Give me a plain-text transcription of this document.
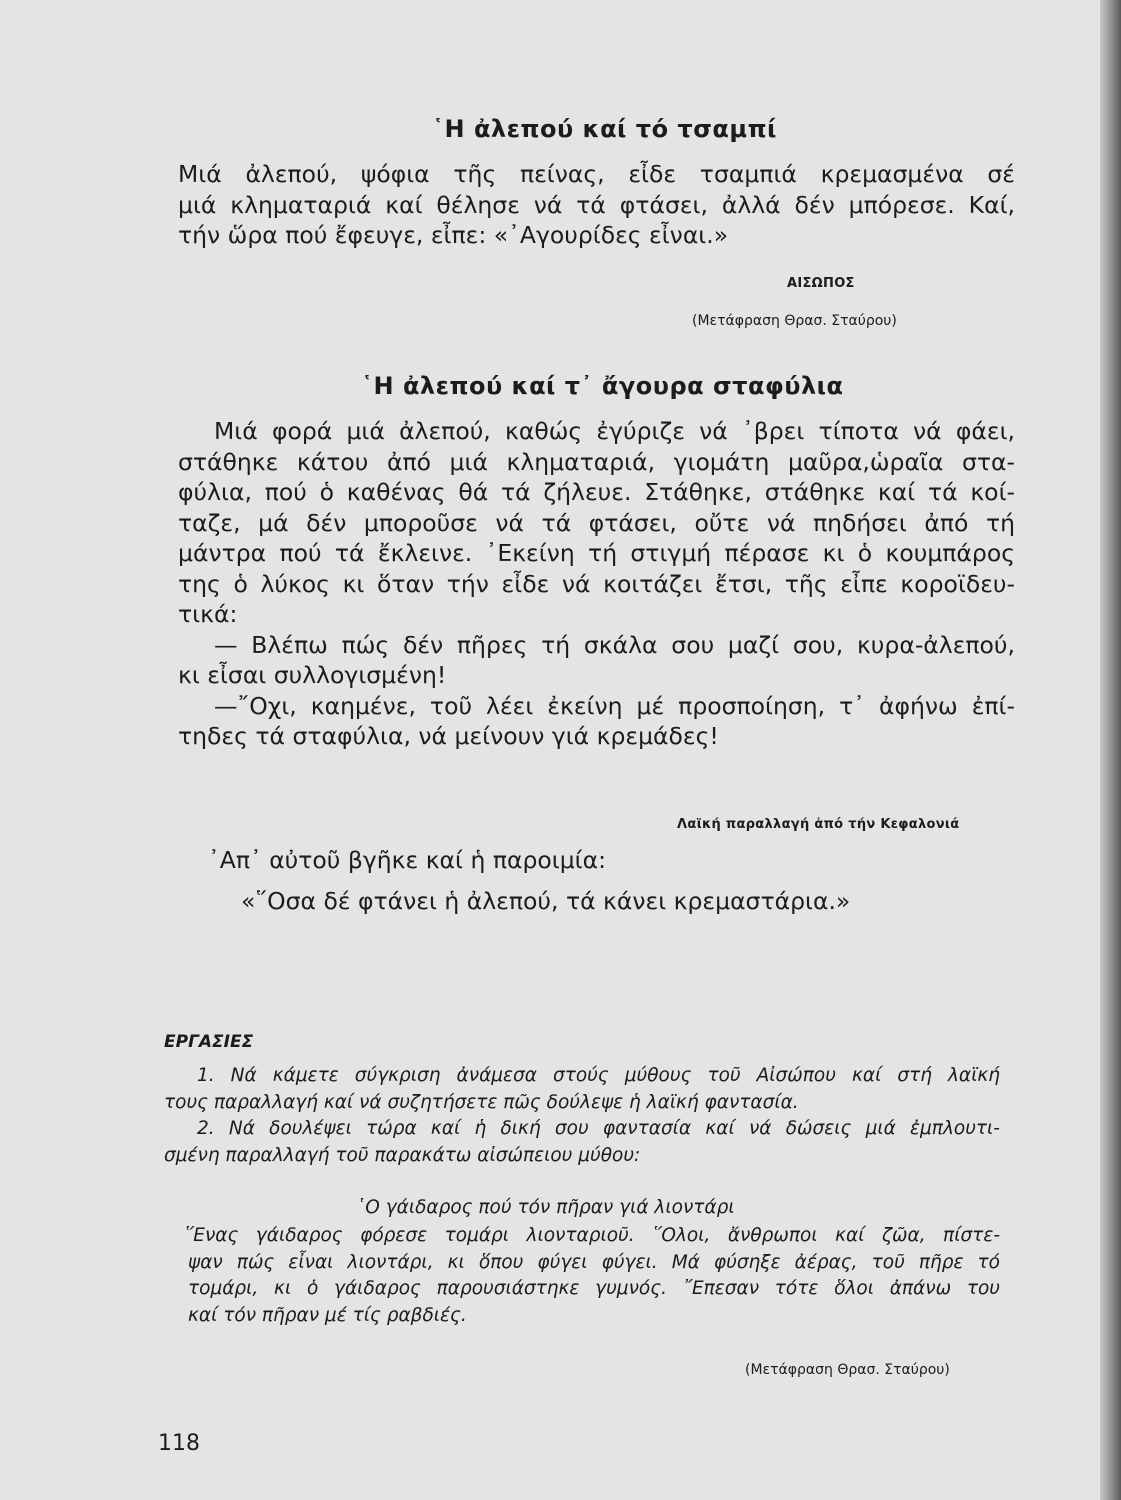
῾Η ἀλεπού καί τό τσαμπί
Μιά ἀλεπού, ψόφια τῆς πείνας, εἶδε τσαμπιά κρεμασμένα σέ
μιά κληματαριά καί θέλησε νά τά φτάσει, ἀλλά δέν μπόρεσε. Καί,
τήν ὥρα πού ἔφευγε, εἶπε: «᾿Αγουρίδες εἶναι.»
ΑΙΣΩΠΟΣ
(Μετάφραση Θρασ. Σταύρου)
῾Η ἀλεπού καί τ᾿ ἄγουρα σταφύλια
Μιά φορά μιά ἀλεπού, καθώς ἐγύριζε νά ᾿βρει τίποτα νά φάει,
στάθηκε κάτου ἀπό μιά κληματαριά, γιομάτη μαῦρα,ὡραῖα στα-
φύλια, πού ὁ καθένας θά τά ζήλευε. Στάθηκε, στάθηκε καί τά κοί-
ταζε, μά δέν μποροῦσε νά τά φτάσει, οὔτε νά πηδήσει ἀπό τή
μάντρα πού τά ἔκλεινε. ᾿Εκείνη τή στιγμή πέρασε κι ὁ κουμπάρος
της ὁ λύκος κι ὅταν τήν εἶδε νά κοιτάζει ἔτσι, τῆς εἶπε κοροϊδευ-
τικά:
— Βλέπω πώς δέν πῆρες τή σκάλα σου μαζί σου, κυρα-ἀλεπού,
κι εἶσαι συλλογισμένη!
—῎Οχι, καημένε, τοῦ λέει ἐκείνη μέ προσποίηση, τ᾿ ἀφήνω ἐπί-
τηδες τά σταφύλια, νά μείνουν γιά κρεμάδες!
Λαϊκή παραλλαγή ἀπό τήν Κεφαλονιά
᾿Απ᾿ αὐτοῦ βγῆκε καί ἡ παροιμία:
«῞Οσα δέ φτάνει ἡ ἀλεπού, τά κάνει κρεμαστάρια.»
ΕΡΓΑΣΙΕΣ
1. Νά κάμετε σύγκριση ἀνάμεσα στούς μύθους τοῦ Αἰσώπου καί στή λαϊκή
τους παραλλαγή καί νά συζητήσετε πῶς δούλεψε ἡ λαϊκή φαντασία.
2. Νά δουλέψει τώρα καί ἡ δική σου φαντασία καί νά δώσεις μιά ἐμπλουτι-
σμένη παραλλαγή τοῦ παρακάτω αἰσώπειου μύθου:
῾Ο γάιδαρος πού τόν πῆραν γιά λιοντάρι
῞Ενας γάιδαρος φόρεσε τομάρι λιονταριοῦ. ῞Ολοι, ἄνθρωποι καί ζῶα, πίστε-
ψαν πώς εἶναι λιοντάρι, κι ὅπου φύγει φύγει. Μά φύσηξε ἀέρας, τοῦ πῆρε τό
τομάρι, κι ὁ γάιδαρος παρουσιάστηκε γυμνός. ῎Επεσαν τότε ὅλοι ἀπάνω του
καί τόν πῆραν μέ τίς ραβδιές.
(Μετάφραση Θρασ. Σταύρου)
118
